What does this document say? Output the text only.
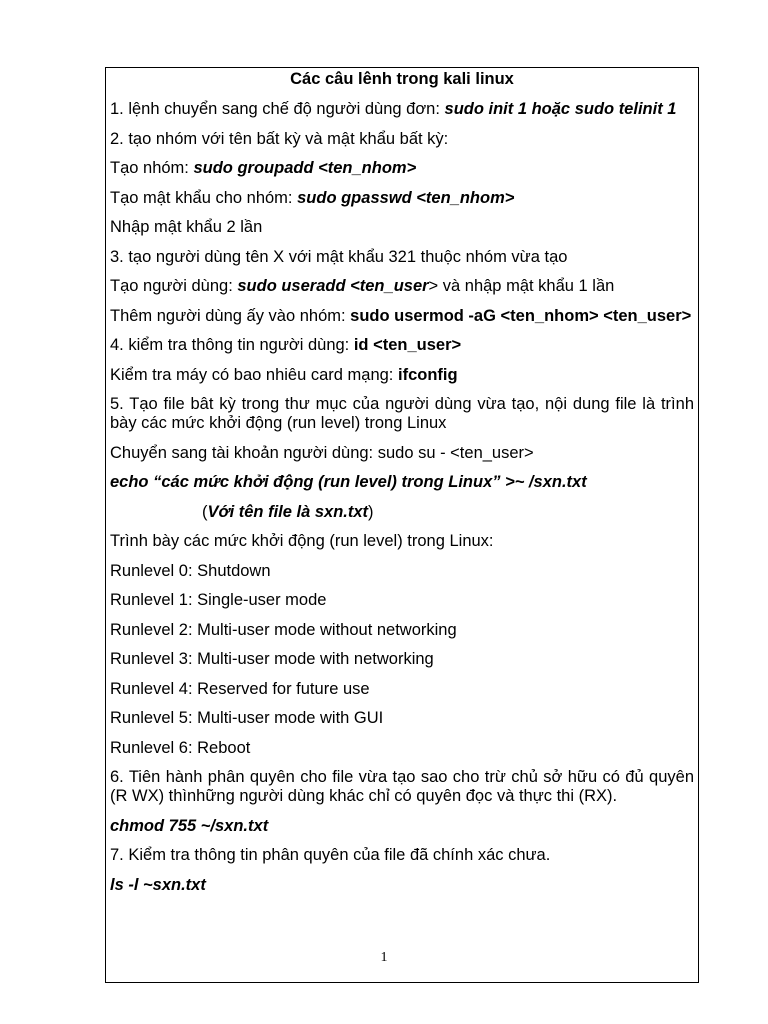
Các câu lênh trong kali linux
1. lệnh chuyển sang chế độ người dùng đơn: sudo init 1 hoặc sudo telinit 1
2. tạo nhóm với tên bất kỳ và mật khẩu bất kỳ:
Tạo nhóm: sudo groupadd <ten_nhom>
Tạo mật khẩu cho nhóm: sudo gpasswd <ten_nhom>
Nhập mật khẩu 2 lần
3. tạo người dùng tên X với mật khẩu 321 thuộc nhóm vừa tạo
Tạo người dùng: sudo useradd <ten_user> và nhập mật khẩu 1 lần
Thêm người dùng ấy vào nhóm: sudo usermod -aG <ten_nhom> <ten_user>
4. kiểm tra thông tin người dùng: id <ten_user>
Kiểm tra máy có bao nhiêu card mạng: ifconfig
5. Tạo file bât kỳ trong thư mục của người dùng vừa tạo, nội dung file là trình bày các mức khởi động (run level) trong Linux
Chuyển sang tài khoản người dùng: sudo su - <ten_user>
echo “các mức khởi động (run level) trong Linux” >~ /sxn.txt
(Với tên file là sxn.txt)
Trình bày các mức khởi động (run level) trong Linux:
Runlevel 0: Shutdown
Runlevel 1: Single-user mode
Runlevel 2: Multi-user mode without networking
Runlevel 3: Multi-user mode with networking
Runlevel 4: Reserved for future use
Runlevel 5: Multi-user mode with GUI
Runlevel 6: Reboot
6. Tiên hành phân quyên cho file vừa tạo sao cho trừ chủ sở hữu có đủ quyên (R WX) thìnhững người dùng khác chỉ có quyên đọc và thực thi (RX).
chmod 755 ~/sxn.txt
7. Kiểm tra thông tin phân quyên của file đã chính xác chưa.
ls -l ~sxn.txt
1
